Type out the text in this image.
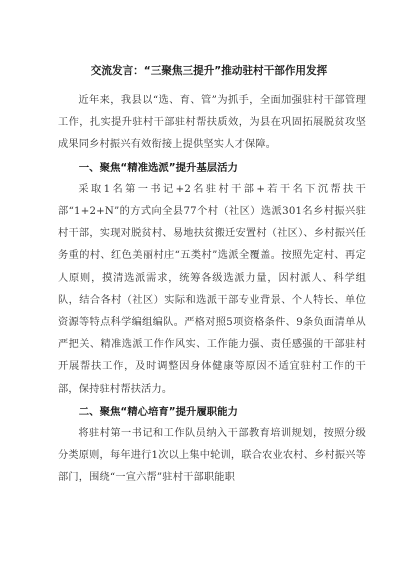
交流发言：“三聚焦三提升”推动驻村干部作用发挥

近年来，我县以“选、育、管”为抓手，全面加强驻村干部管理工作，扎实提升驻村干部驻村帮扶质效，为县在巩固拓展脱贫攻坚成果同乡村振兴有效衔接上提供坚实人才保障。

一、聚焦“精准选派”提升基层活力

采取1名第一书记+2名驻村干部+若干名下沉帮扶干部“1+2+N”的方式向全县77个村（社区）选派301名乡村振兴驻村干部，实现对脱贫村、易地扶贫搬迁安置村（社区）、乡村振兴任务重的村、红色美丽村庄“五类村”选派全覆盖。按照先定村、再定人原则，摸清选派需求，统筹各级选派力量，因村派人、科学组队，结合各村（社区）实际和选派干部专业背景、个人特长、单位资源等特点科学编组编队。严格对照5项资格条件、9条负面清单从严把关、精准选派工作作风实、工作能力强、责任感强的干部驻村开展帮扶工作，及时调整因身体健康等原因不适宜驻村工作的干部，保持驻村帮扶活力。

二、聚焦“精心培育”提升履职能力

将驻村第一书记和工作队员纳入干部教育培训规划，按照分级分类原则，每年进行1次以上集中轮训，联合农业农村、乡村振兴等部门，围绕“一宣六帮”驻村干部职能职
